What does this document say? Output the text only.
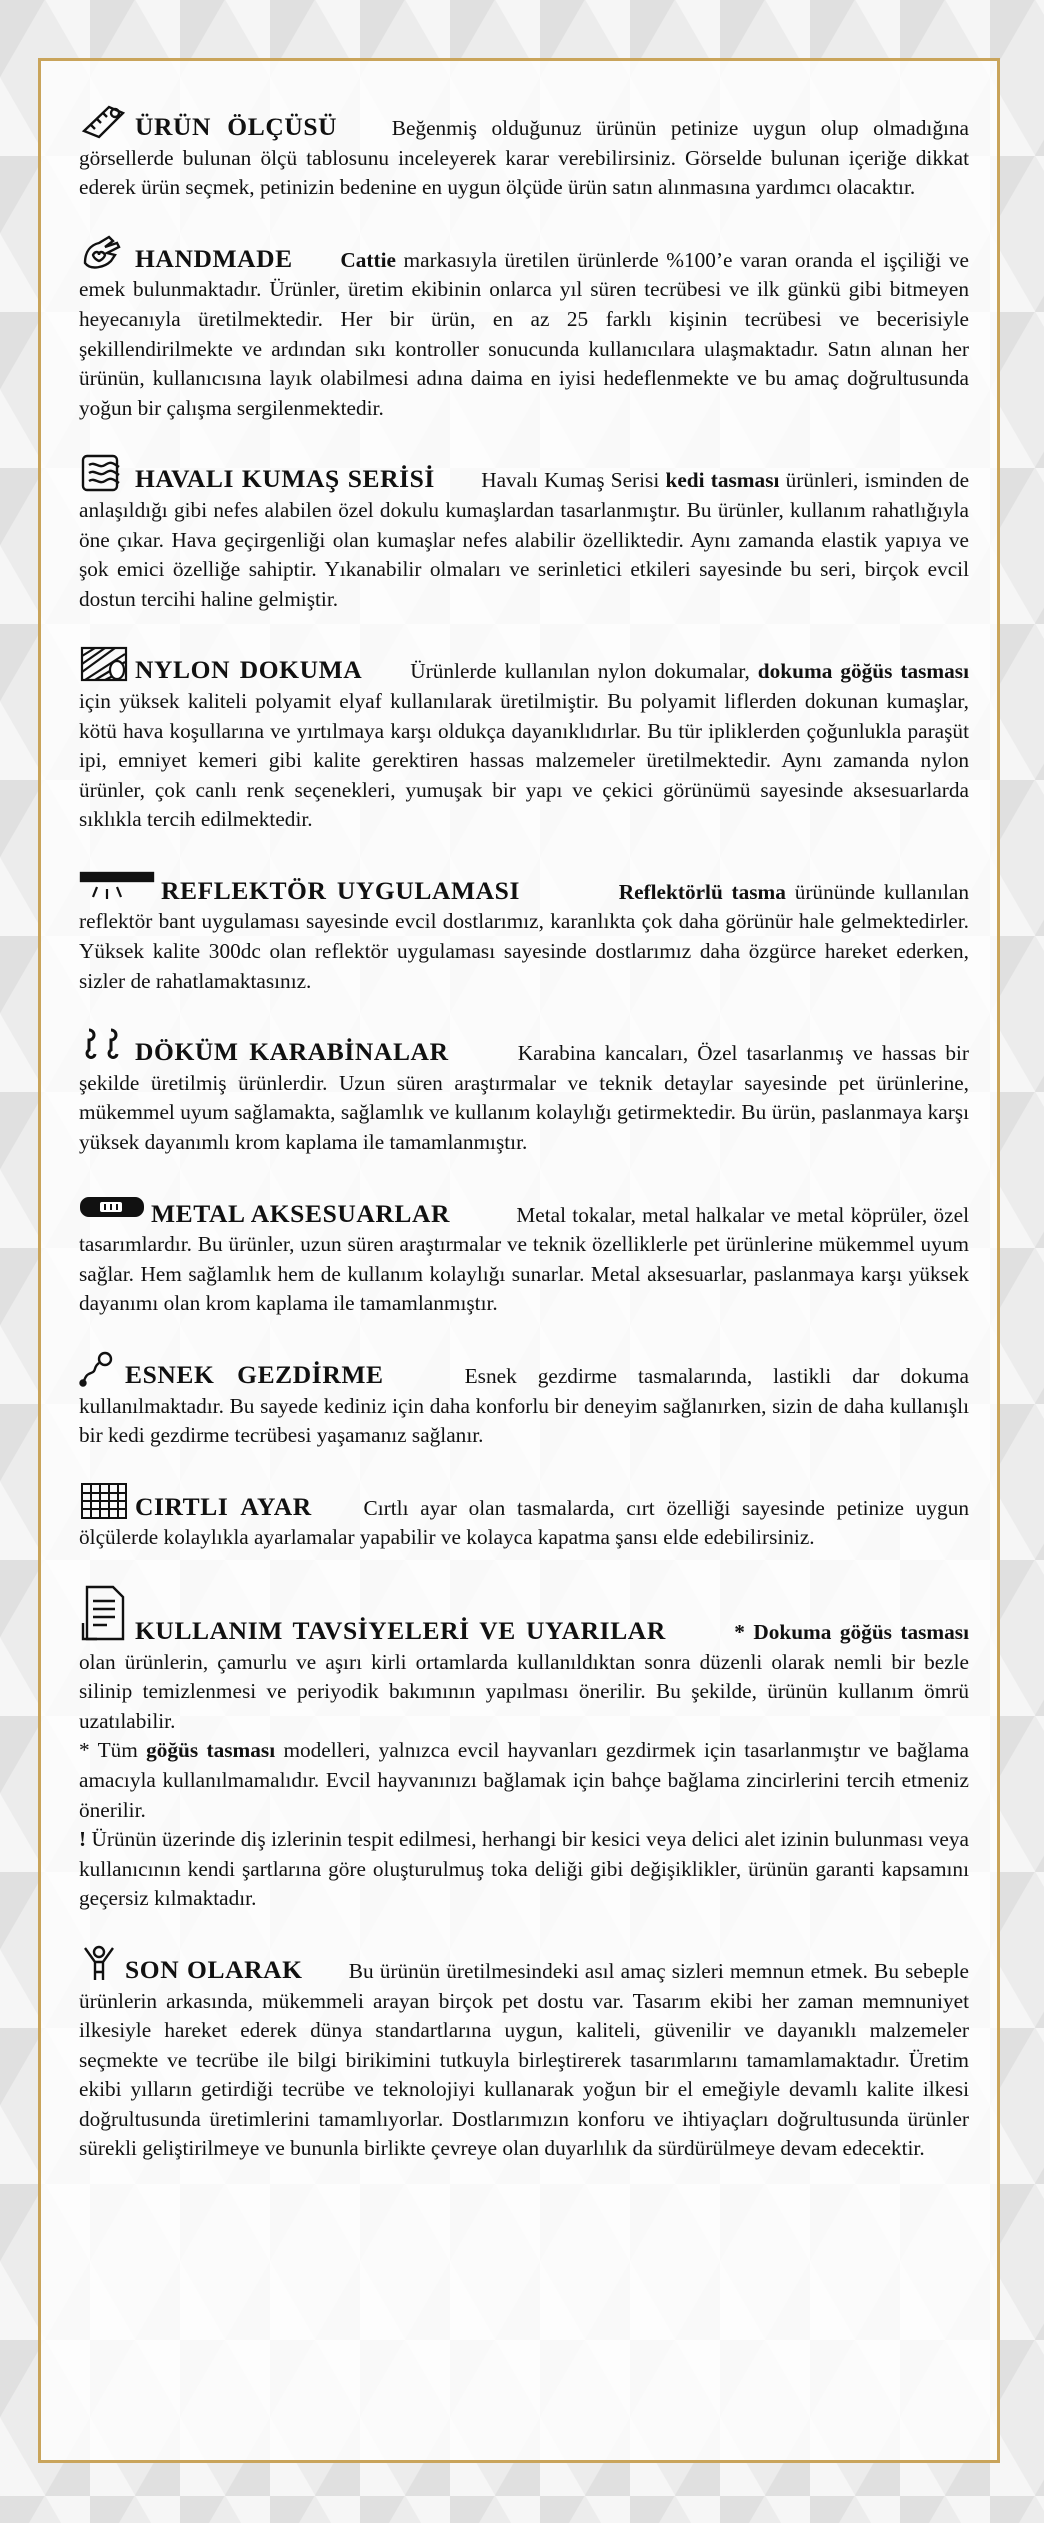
ÜRÜN ÖLÇÜSÜ	Beğenmiş olduğunuz ürünün petinize uygun olup olmadığına görsellerde bulunan ölçü tablosunu inceleyerek karar verebilirsiniz. Görselde bulunan içeriğe dikkat ederek ürün seçmek, petinizin bedenine en uygun ölçüde ürün satın alınmasına yardımcı olacaktır.

HANDMADE Cattie markasıyla üretilen ürünlerde %100’e varan oranda el işçiliği ve emek bulunmaktadır. Ürünler, üretim ekibinin onlarca yıl süren tecrübesi ve ilk günkü gibi bitmeyen heyecanıyla üretilmektedir. Her bir ürün, en az 25 farklı kişinin tecrübesi ve becerisiyle şekillendirilmekte ve ardından sıkı kontroller sonucunda kullanıcılara ulaşmaktadır. Satın alınan her ürünün, kullanıcısına layık olabilmesi adına daima en iyisi hedeflenmekte ve bu amaç doğrultusunda yoğun bir çalışma sergilenmektedir.

HAVALI KUMAŞ SERİSİ Havalı Kumaş Serisi kedi tasması ürünleri, isminden de anlaşıldığı gibi nefes alabilen özel dokulu kumaşlardan tasarlanmıştır. Bu ürünler, kullanım rahatlığıyla öne çıkar. Hava geçirgenliği olan kumaşlar nefes alabilir özelliktedir. Aynı zamanda elastik yapıya ve şok emici özelliğe sahiptir. Yıkanabilir olmaları ve serinletici etkileri sayesinde bu seri, birçok evcil dostun tercihi haline gelmiştir.

NYLON DOKUMA Ürünlerde kullanılan nylon dokumalar, dokuma göğüs tasması için yüksek kaliteli polyamit elyaf kullanılarak üretilmiştir. Bu polyamit liflerden dokunan kumaşlar, kötü hava koşullarına ve yırtılmaya karşı oldukça dayanıklıdırlar. Bu tür ipliklerden çoğunlukla paraşüt ipi, emniyet kemeri gibi kalite gerektiren hassas malzemeler üretilmektedir. Aynı zamanda nylon ürünler, çok canlı renk seçenekleri, yumuşak bir yapı ve çekici görünümü sayesinde aksesuarlarda sıklıkla tercih edilmektedir.

REFLEKTÖR UYGULAMASI	Reflektörlü tasma ürününde kullanılan reflektör bant uygulaması sayesinde evcil dostlarımız, karanlıkta çok daha görünür hale gelmektedirler. Yüksek kalite 300dc olan reflektör uygulaması sayesinde dostlarımız daha özgürce hareket ederken, sizler de rahatlamaktasınız.

DÖKÜM KARABİNALAR	Karabina kancaları, Özel tasarlanmış ve hassas bir şekilde üretilmiş ürünlerdir. Uzun süren araştırmalar ve teknik detaylar sayesinde pet ürünlerine, mükemmel uyum sağlamakta, sağlamlık ve kullanım kolaylığı getirmektedir. Bu ürün, paslanmaya karşı yüksek dayanımlı krom kaplama ile tamamlanmıştır.

METAL AKSESUARLAR	Metal tokalar, metal halkalar ve metal köprüler, özel tasarımlardır. Bu ürünler, uzun süren araştırmalar ve teknik özelliklerle pet ürünlerine mükemmel uyum sağlar. Hem sağlamlık hem de kullanım kolaylığı sunarlar. Metal aksesuarlar, paslanmaya karşı yüksek dayanımı olan krom kaplama ile tamamlanmıştır.

ESNEK GEZDİRME	Esnek gezdirme tasmalarında, lastikli dar dokuma kullanılmaktadır. Bu sayede kediniz için daha konforlu bir deneyim sağlanırken, sizin de daha kullanışlı bir kedi gezdirme tecrübesi yaşamanız sağlanır.

CIRTLI AYAR Cırtlı ayar olan tasmalarda, cırt özelliği sayesinde petinize uygun ölçülerde kolaylıkla ayarlamalar yapabilir ve kolayca kapatma şansı elde edebilirsiniz.

KULLANIM TAVSİYELERİ VE UYARILAR	* Dokuma göğüs tasması olan ürünlerin, çamurlu ve aşırı kirli ortamlarda kullanıldıktan sonra düzenli olarak nemli bir bezle silinip temizlenmesi ve periyodik bakımının yapılması önerilir. Bu şekilde, ürünün kullanım ömrü uzatılabilir.

* Tüm göğüs tasması modelleri, yalnızca evcil hayvanları gezdirmek için tasarlanmıştır ve bağlama amacıyla kullanılmamalıdır. Evcil hayvanınızı bağlamak için bahçe bağlama zincirlerini tercih etmeniz önerilir.

! Ürünün üzerinde diş izlerinin tespit edilmesi, herhangi bir kesici veya delici alet izinin bulunması veya kullanıcının kendi şartlarına göre oluşturulmuş toka deliği gibi değişiklikler, ürünün garanti kapsamını geçersiz kılmaktadır.

SON OLARAK Bu ürünün üretilmesindeki asıl amaç sizleri memnun etmek. Bu sebeple ürünlerin arkasında, mükemmeli arayan birçok pet dostu var. Tasarım ekibi her zaman memnuniyet ilkesiyle hareket ederek dünya standartlarına uygun, kaliteli, güvenilir ve dayanıklı malzemeler seçmekte ve tecrübe ile bilgi birikimini tutkuyla birleştirerek tasarımlarını tamamlamaktadır. Üretim ekibi yılların getirdiği tecrübe ve teknolojiyi kullanarak yoğun bir el emeğiyle devamlı kalite ilkesi doğrultusunda üretimlerini tamamlıyorlar. Dostlarımızın konforu ve ihtiyaçları doğrultusunda ürünler sürekli geliştirilmeye ve bununla birlikte çevreye olan duyarlılık da sürdürülmeye devam edecektir.
